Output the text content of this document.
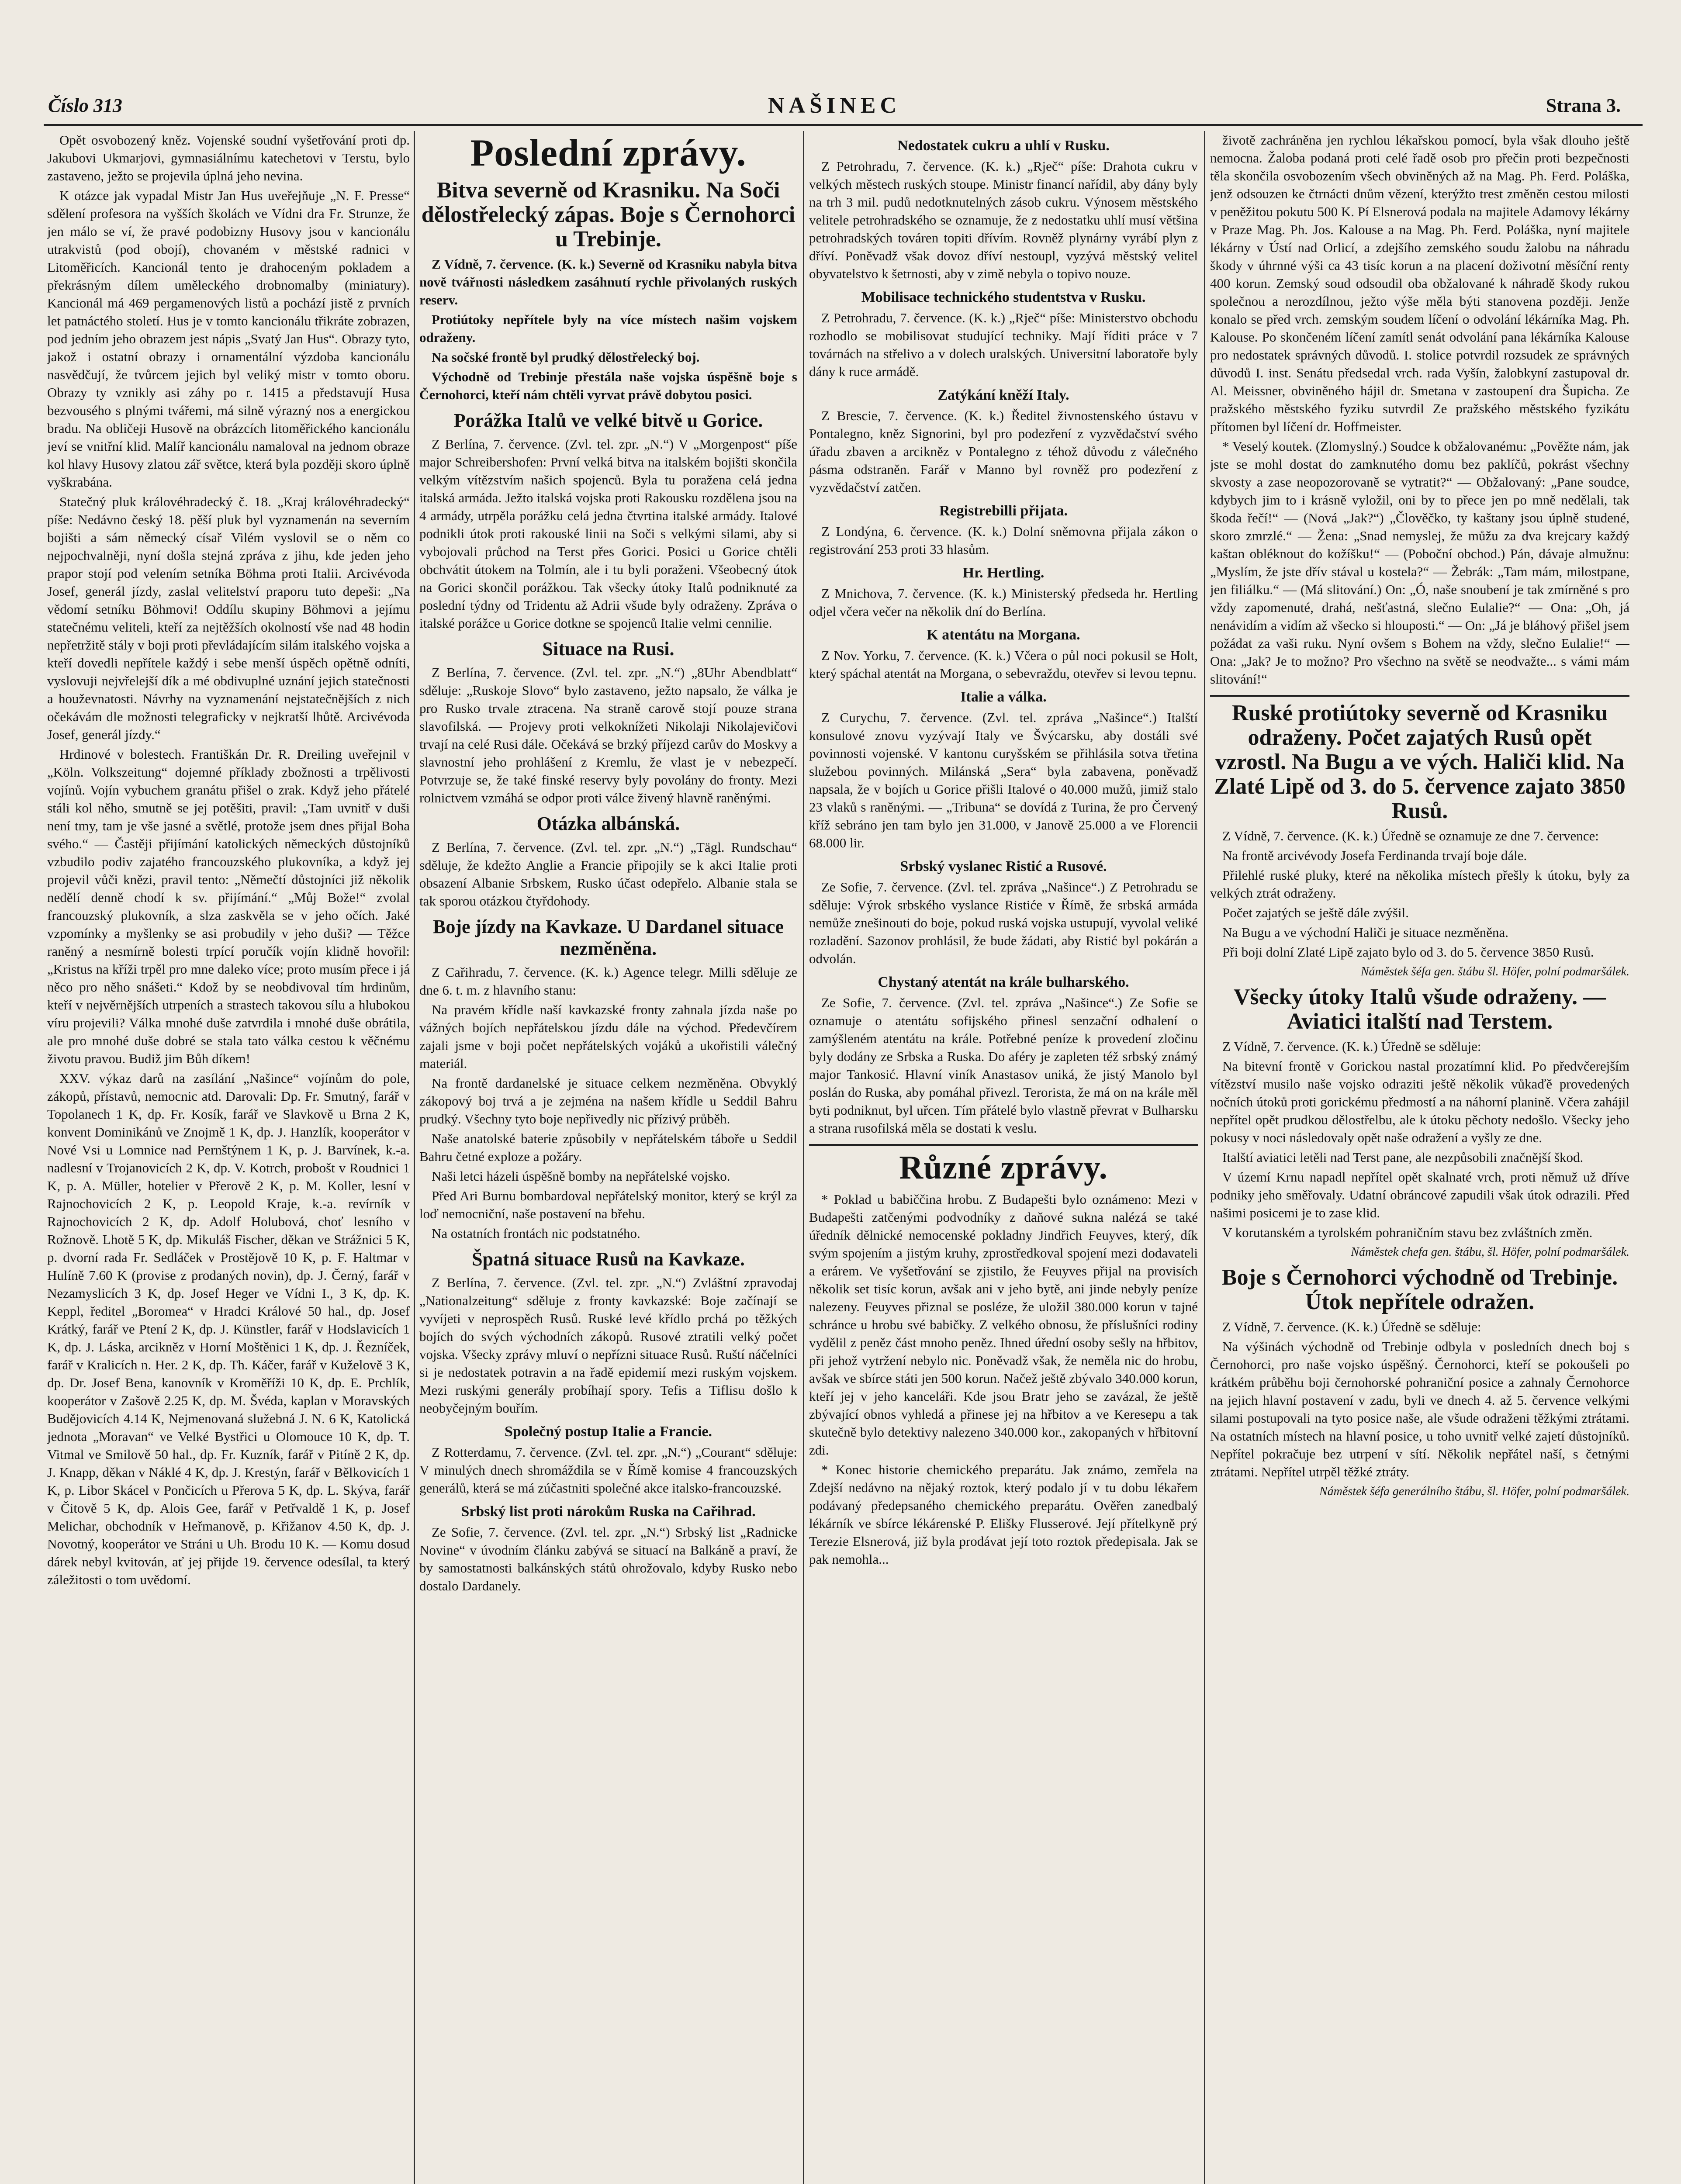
Číslo 313	NAŠINEC	Strana 3.

Opět osvobozený kněz. Vojenské soudní vyšetřování proti dp. Jakubovi Ukmarjovi, gymnasiálnímu katechetovi v Terstu, bylo zastaveno, ježto se projevila úplná jeho nevina.

K otázce jak vypadal Mistr Jan Hus uveřejňuje „N. F. Presse“ sdělení profesora na vyšších školách ve Vídni dra Fr. Strunze, že jen málo se ví, že pravé podobizny Husovy jsou v kancionálu utrakvistů (pod obojí), chovaném v městské radnici v Litoměřicích. Kancionál tento je drahoceným pokladem a překrásným dílem uměleckého drobnomalby (miniatury). Kancionál má 469 pergamenových listů a pochází jistě z prvních let patnáctého století. Hus je v tomto kancionálu třikráte zobrazen, pod jedním jeho obrazem jest nápis „Svatý Jan Hus“. Obrazy tyto, jakož i ostatní obrazy i ornamentální výzdoba kancionálu nasvědčují, že tvůrcem jejich byl veliký mistr v tomto oboru. Obrazy ty vznikly asi záhy po r. 1415 a představují Husa bezvousého s plnými tvářemi, má silně výrazný nos a energickou bradu. Na obličeji Husově na obrázcích litoměřického kancionálu jeví se vnitřní klid. Malíř kancionálu namaloval na jednom obraze kol hlavy Husovy zlatou zář světce, která byla později skoro úplně vyškrabána.

Statečný pluk královéhradecký č. 18. „Kraj královéhradecký“ píše: Nedávno český 18. pěší pluk byl vyznamenán na severním bojišti a sám německý císař Vilém vyslovil se o něm co nejpochvalněji, nyní došla stejná zpráva z jihu, kde jeden jeho prapor stojí pod velením setníka Böhma proti Italii. Arcivévoda Josef, generál jízdy, zaslal velitelství praporu tuto depeši: „Na vědomí setníku Böhmovi! Oddílu skupiny Böhmovi a jejímu statečnému veliteli, kteří za nejtěžších okolností vše nad 48 hodin nepřetržitě stály v boji proti převládajícím silám italského vojska a kteří dovedli nepřítele každý i sebe menší úspěch opětně odníti, vyslovuji nejvřelejší dík a mé obdivuplné uznání jejich statečnosti a houževnatosti. Návrhy na vyznamenání nejstatečnějších z nich očekávám dle možnosti telegraficky v nejkratší lhůtě. Arcivévoda Josef, generál jízdy.“

Hrdinové v bolestech. Františkán Dr. R. Dreiling uveřejnil v „Köln. Volkszeitung“ dojemné příklady zbožnosti a trpělivosti vojínů. Vojín vybuchem granátu přišel o zrak. Když jeho přátelé stáli kol něho, smutně se jej potěšiti, pravil: „Tam uvnitř v duši není tmy, tam je vše jasné a světlé, protože jsem dnes přijal Boha svého.“ — Častěji přijímání katolických německých důstojníků vzbudilo podiv zajatého francouzského plukovníka, a když jej projevil vůči knězi, pravil tento: „Němečtí důstojníci již několik nedělí denně chodí k sv. přijímání.“ „Můj Bože!“ zvolal francouzský plukovník, a slza zaskvěla se v jeho očích. Jaké vzpomínky a myšlenky se asi probudily v jeho duši? — Těžce raněný a nesmírně bolesti trpící poručík vojín klidně hovořil: „Kristus na kříži trpěl pro mne daleko více; proto musím přece i já něco pro něho snášeti.“ Kdož by se neobdivoval tím hrdinům, kteří v nejvěrnějších utrpeních a strastech takovou sílu a hlubokou víru projevili? Válka mnohé duše zatvrdila i mnohé duše obrátila, ale pro mnohé duše dobré se stala tato válka cestou k věčnému životu pravou. Budiž jim Bůh díkem!

XXV. výkaz darů na zasílání „Našince“ vojínům do pole, zákopů, přístavů, nemocnic atd. Darovali: Dp. Fr. Smutný, farář v Topolanech 1 K, dp. Fr. Kosík, farář ve Slavkově u Brna 2 K, konvent Dominikánů ve Znojmě 1 K, dp. J. Hanzlík, kooperátor v Nové Vsi u Lomnice nad Pernštýnem 1 K, p. J. Barvínek, k.-a. nadlesní v Trojanovicích 2 K, dp. V. Kotrch, probošt v Roudnici 1 K, p. A. Müller, hotelier v Přerově 2 K, p. M. Koller, lesní v Rajnochovicích 2 K, p. Leopold Kraje, k.-a. revírník v Rajnochovicích 2 K, dp. Adolf Holubová, choť lesního v Rožnově. Lhotě 5 K, dp. Mikuláš Fischer, děkan ve Strážnici 5 K, p. dvorní rada Fr. Sedláček v Prostějově 10 K, p. F. Haltmar v Hulíně 7.60 K (provise z prodaných novin), dp. J. Černý, farář v Nezamyslicích 3 K, dp. Josef Heger ve Vídni I., 3 K, dp. K. Keppl, ředitel „Boromea“ v Hradci Králové 50 hal., dp. Josef Krátký, farář ve Ptení 2 K, dp. J. Künstler, farář v Hodslavicích 1 K, dp. J. Láska, arcikněz v Horní Moštěnici 1 K, dp. J. Řezníček, farář v Kralicích n. Her. 2 K, dp. Th. Káčer, farář v Kuželově 3 K, dp. Dr. Josef Bena, kanovník v Kroměříži 10 K, dp. E. Prchlík, kooperátor v Zašově 2.25 K, dp. M. Švéda, kaplan v Moravských Budějovicích 4.14 K, Nejmenovaná služebná J. N. 6 K, Katolická jednota „Moravan“ ve Velké Bystřici u Olomouce 10 K, dp. T. Vitmal ve Smilově 50 hal., dp. Fr. Kuzník, farář v Pitíně 2 K, dp. J. Knapp, děkan v Náklé 4 K, dp. J. Krestýn, farář v Bělkovicích 1 K, p. Libor Skácel v Pončicích u Přerova 5 K, dp. L. Skýva, farář v Čitově 5 K, dp. Alois Gee, farář v Petřvaldě 1 K, p. Josef Melichar, obchodník v Heřmanově, p. Křižanov 4.50 K, dp. J. Novotný, kooperátor ve Stráni u Uh. Brodu 10 K. — Komu dosud dárek nebyl kvitován, ať jej přijde 19. července odesílal, ta který záležitosti o tom uvědomí.

Poslední zprávy.
Bitva severně od Krasniku. Na Soči dělostřelecký zápas. Boje s Černohorci u Trebinje.

Z Vídně, 7. července. (K. k.) Severně od Krasniku nabyla bitva nově tvářnosti následkem zasáhnutí rychle přivolaných ruských reserv.

Protiútoky nepřítele byly na více místech našim vojskem odraženy.

Na sočské frontě byl prudký dělostřelecký boj.

Východně od Trebinje přestála naše vojska úspěšně boje s Černohorci, kteří nám chtěli vyrvat právě dobytou posici.

Porážka Italů ve velké bitvě u Gorice.

Z Berlína, 7. července. (Zvl. tel. zpr. „N.“) V „Morgenpost“ píše major Schreibershofen: První velká bitva na italském bojišti skončila velkým vítězstvím našich spojenců. Byla tu poražena celá jedna italská armáda. Ježto italská vojska proti Rakousku rozdělena jsou na 4 armády, utrpěla porážku celá jedna čtvrtina italské armády. Italové podnikli útok proti rakouské linii na Soči s velkými silami, aby si vybojovali průchod na Terst přes Gorici. Posici u Gorice chtěli obchvátit útokem na Tolmín, ale i tu byli poraženi. Všeobecný útok na Gorici skončil porážkou. Tak všecky útoky Italů podniknuté za poslední týdny od Tridentu až Adrii všude byly odraženy. Zpráva o italské porážce u Gorice dotkne se spojenců Italie velmi cennilie.

Situace na Rusi.

Z Berlína, 7. července. (Zvl. tel. zpr. „N.“) „8Uhr Abendblatt“ sděluje: „Ruskoje Slovo“ bylo zastaveno, ježto napsalo, že válka je pro Rusko trvale ztracena. Na straně carově stojí pouze strana slavofilská. — Projevy proti velkoknížeti Nikolaji Nikolajevičovi trvají na celé Rusi dále. Očekává se brzký příjezd carův do Moskvy a slavnostní jeho prohlášení z Kremlu, že vlast je v nebezpečí. Potvrzuje se, že také finské reservy byly povolány do fronty. Mezi rolnictvem vzmáhá se odpor proti válce živený hlavně raněnými.

Otázka albánská.

Z Berlína, 7. července. (Zvl. tel. zpr. „N.“) „Tägl. Rundschau“ sděluje, že kdežto Anglie a Francie připojily se k akci Italie proti obsazení Albanie Srbskem, Rusko účast odepřelo. Albanie stala se tak sporou otázkou čtyřdohody.

Boje jízdy na Kavkaze. U Dardanel situace nezměněna.

Z Cařihradu, 7. července. (K. k.) Agence telegr. Milli sděluje ze dne 6. t. m. z hlavního stanu:

Na pravém křídle naší kavkazské fronty zahnala jízda naše po vážných bojích nepřátelskou jízdu dále na východ. Předevčírem zajali jsme v boji počet nepřátelských vojáků a ukořistili válečný materiál.

Na frontě dardanelské je situace celkem nezměněna. Obvyklý zákopový boj trvá a je zejména na našem křídle u Seddil Bahru prudký. Všechny tyto boje nepřivedly nic přízivý průběh.

Naše anatolské baterie způsobily v nepřátelském táboře u Seddil Bahru četné exploze a požáry.

Naši letci házeli úspěšně bomby na nepřátelské vojsko.

Před Ari Burnu bombardoval nepřátelský monitor, který se krýl za loď nemocniční, naše postavení na břehu.

Na ostatních frontách nic podstatného.

Špatná situace Rusů na Kavkaze.

Z Berlína, 7. července. (Zvl. tel. zpr. „N.“) Zvláštní zpravodaj „Nationalzeitung“ sděluje z fronty kavkazské: Boje začínají se vyvíjeti v neprospěch Rusů. Ruské levé křídlo prchá po těžkých bojích do svých východních zákopů. Rusové ztratili velký počet vojska. Všecky zprávy mluví o nepřízni situace Rusů. Ruští náčelníci si je nedostatek potravin a na řadě epidemií mezi ruským vojskem. Mezi ruskými generály probíhají spory. Tefis a Tiflisu došlo k neobyčejným bouřím.

Společný postup Italie a Francie.

Z Rotterdamu, 7. července. (Zvl. tel. zpr. „N.“) „Courant“ sděluje: V minulých dnech shromáždila se v Římě komise 4 francouzských generálů, která se má zúčastniti společné akce italsko-francouzské.

Srbský list proti nárokům Ruska na Cařihrad.

Ze Sofie, 7. července. (Zvl. tel. zpr. „N.“) Srbský list „Radnicke Novine“ v úvodním článku zabývá se situací na Balkáně a praví, že by samostatnosti balkánských států ohrožovalo, kdyby Rusko nebo dostalo Dardanely.

Nedostatek cukru a uhlí v Rusku.

Z Petrohradu, 7. července. (K. k.) „Rječ“ píše: Drahota cukru v velkých městech ruských stoupe. Ministr financí nařídil, aby dány byly na trh 3 mil. pudů nedotknutelných zásob cukru. Výnosem městského velitele petrohradského se oznamuje, že z nedostatku uhlí musí většina petrohradských továren topiti dřívím. Rovněž plynárny vyrábí plyn z dříví. Poněvadž však dovoz dříví nestoupl, vyzývá městský velitel obyvatelstvo k šetrnosti, aby v zimě nebyla o topivo nouze.

Mobilisace technického studentstva v Rusku.

Z Petrohradu, 7. července. (K. k.) „Rječ“ píše: Ministerstvo obchodu rozhodlo se mobilisovat studující techniky. Mají říditi práce v 7 továrnách na střelivo a v dolech uralských. Universitní laboratoře byly dány k ruce armádě.

Zatýkání kněží Italy.

Z Brescie, 7. července. (K. k.) Ředitel živnostenského ústavu v Pontalegno, kněz Signorini, byl pro podezření z vyzvědačství svého úřadu zbaven a arcikněz v Pontalegno z téhož důvodu z válečného pásma odstraněn. Farář v Manno byl rovněž pro podezření z vyzvědačství zatčen.

Registrebilli přijata.

Z Londýna, 6. července. (K. k.) Dolní sněmovna přijala zákon o registrování 253 proti 33 hlasům.

Hr. Hertling.

Z Mnichova, 7. července. (K. k.) Ministerský předseda hr. Hertling odjel včera večer na několik dní do Berlína.

K atentátu na Morgana.

Z Nov. Yorku, 7. července. (K. k.) Včera o půl noci pokusil se Holt, který spáchal atentát na Morgana, o sebevraždu, otevřev si levou tepnu.

Italie a válka.

Z Curychu, 7. července. (Zvl. tel. zpráva „Našince“.) Italští konsulové znovu vyzývají Italy ve Švýcarsku, aby dostáli své povinnosti vojenské. V kantonu curyšském se přihlásila sotva třetina služebou povinných. Milánská „Sera“ byla zabavena, poněvadž napsala, že v bojích u Gorice přišli Italové o 40.000 mužů, jimiž stalo 23 vlaků s raněnými. — „Tribuna“ se dovídá z Turina, že pro Červený kříž sebráno jen tam bylo jen 31.000, v Janově 25.000 a ve Florencii 68.000 lir.

Srbský vyslanec Ristić a Rusové.

Ze Sofie, 7. července. (Zvl. tel. zpráva „Našince“.) Z Petrohradu se sděluje: Výrok srbského vyslance Ristiće v Římě, že srbská armáda nemůže znešinouti do boje, pokud ruská vojska ustupují, vyvolal veliké rozladění. Sazonov prohlásil, že bude žádati, aby Ristić byl pokárán a odvolán.

Chystaný atentát na krále bulharského.

Ze Sofie, 7. července. (Zvl. tel. zpráva „Našince“.) Ze Sofie se oznamuje o atentátu sofijského přinesl senzační odhalení o zamýšleném atentátu na krále. Potřebné peníze k provedení zločinu byly dodány ze Srbska a Ruska. Do aféry je zapleten též srbský známý major Tankosić. Hlavní viník Anastasov uniká, že jistý Manolo byl poslán do Ruska, aby pomáhal přivezl. Terorista, že má on na krále měl byti podniknut, byl uřcen. Tím přátelé bylo vlastně převrat v Bulharsku a strana rusofilská měla se dostati k veslu.

Různé zprávy.

* Poklad u babiččina hrobu. Z Budapešti bylo oznámeno: Mezi v Budapešti zatčenými podvodníky z daňové sukna nalézá se také úředník dělnické nemocenské pokladny Jindřich Feuyves, který, dík svým spojením a jistým kruhy, zprostředkoval spojení mezi dodavateli a erárem. Ve vyšetřování se zjistilo, že Feuyves přijal na provisích několik set tisíc korun, avšak ani v jeho bytě, ani jinde nebyly peníze nalezeny. Feuyves přiznal se posléze, že uložil 380.000 korun v tajné schránce u hrobu své babičky. Z velkého obnosu, že příslušníci rodiny vydělil z peněz část mnoho peněz. Ihned úřední osoby sešly na hřbitov, při jehož vytržení nebylo nic. Poněvadž však, že neměla nic do hrobu, avšak ve sbírce státi jen 500 korun. Načež ještě zbývalo 340.000 korun, kteří jej v jeho kanceláři. Kde jsou Bratr jeho se zavázal, že ještě zbývající obnos vyhledá a přinese jej na hřbitov a ve Keresepu a tak skutečně bylo detektivy nalezeno 340.000 kor., zakopaných v hřbitovní zdi.

* Konec historie chemického preparátu. Jak známo, zemřela na Zdejší nedávno na nějaký roztok, který podalo jí v tu dobu lékařem podávaný předepsaného chemického preparátu. Ověřen zanedbalý lékárník ve sbírce lékárenské P. Elišky Flusserové. Její přítelkyně prý Terezie Elsnerová, již byla prodávat její toto roztok předepisala. Jak se pak nemohla...

životě zachráněna jen rychlou lékařskou pomocí, byla však dlouho ještě nemocna. Žaloba podaná proti celé řadě osob pro přečin proti bezpečnosti těla skončila osvobozením všech obviněných až na Mag. Ph. Ferd. Poláška, jenž odsouzen ke čtrnácti dnům vězení, kterýžto trest změněn cestou milosti v peněžitou pokutu 500 K. Pí Elsnerová podala na majitele Adamovy lékárny v Praze Mag. Ph. Jos. Kalouse a na Mag. Ph. Ferd. Poláška, nyní majitele lékárny v Ústí nad Orlicí, a zdejšího zemského soudu žalobu na náhradu škody v úhrnné výši ca 43 tisíc korun a na placení doživotní měsíční renty 400 korun. Zemský soud odsoudil oba obžalované k náhradě škody rukou společnou a nerozdílnou, ježto výše měla býti stanovena později. Jenže konalo se před vrch. zemským soudem líčení o odvolání lékárníka Mag. Ph. Kalouse. Po skončeném líčení zamítl senát odvolání pana lékárníka Kalouse pro nedostatek správných důvodů. I. stolice potvrdil rozsudek ze správných důvodů I. inst. Senátu předsedal vrch. rada Vyšín, žalobkyní zastupoval dr. Al. Meissner, obviněného hájil dr. Smetana v zastoupení dra Šupicha. Ze pražského městského fyziku sutvrdil Ze pražského městského fyzikátu přítomen byl líčení dr. Hoffmeister.

* Veselý koutek. (Zlomyslný.) Soudce k obžalovanému: „Pověžte nám, jak jste se mohl dostat do zamknutého domu bez paklíčů, pokrást všechny skvosty a zase neopozorovaně se vytratit?“ — Obžalovaný: „Pane soudce, kdybych jim to i krásně vyložil, oni by to přece jen po mně nedělali, tak škoda řečí!“ — (Nová „Jak?“) „Člověčko, ty kaštany jsou úplně studené, skoro zmrzlé.“ — Žena: „Snad nemyslej, že můžu za dva krejcary každý kaštan obléknout do kožíšku!“ — (Poboční obchod.) Pán, dávaje almužnu: „Myslím, že jste dřív stával u kostela?“ — Žebrák: „Tam mám, milostpane, jen filiálku.“ — (Má slitování.) On: „Ó, naše snoubení je tak zmírněné s pro vždy zapomenuté, drahá, nešťastná, slečno Eulalie?“ — Ona: „Oh, já nenávidím a vidím až všecko si hlouposti.“ — On: „Já je bláhový přišel jsem požádat za vaši ruku. Nyní ovšem s Bohem na vždy, slečno Eulalie!“ — Ona: „Jak? Je to možno? Pro všechno na světě se neodvažte... s vámi mám slitování!“

Ruské protiútoky severně od Krasniku odraženy. Počet zajatých Rusů opět vzrostl. Na Bugu a ve vých. Haliči klid. Na Zlaté Lipě od 3. do 5. července zajato 3850 Rusů.

Z Vídně, 7. července. (K. k.) Úředně se oznamuje ze dne 7. července:

Na frontě arcivévody Josefa Ferdinanda trvají boje dále.

Přilehlé ruské pluky, které na několika místech přešly k útoku, byly za velkých ztrát odraženy.

Počet zajatých se ještě dále zvýšil.

Na Bugu a ve východní Haliči je situace nezměněna.

Při boji dolní Zlaté Lipě zajato bylo od 3. do 5. července 3850 Rusů.

Náměstek šéfa gen. štábu šl. Höfer, polní podmaršálek.
Všecky útoky Italů všude odraženy. — Aviatici italští nad Terstem.

Z Vídně, 7. července. (K. k.) Úředně se sděluje:

Na bitevní frontě v Gorickou nastal prozatímní klid. Po předvčerejším vítězství musilo naše vojsko odraziti ještě několik vůkaďě provedených nočních útoků proti gorickému předmostí a na náhorní planině. Včera zahájil nepřítel opět prudkou dělostřelbu, ale k útoku pěchoty nedošlo. Všecky jeho pokusy v noci následovaly opět naše odražení a vyšly ze dne.

Italští aviatici letěli nad Terst pane, ale nezpůsobili značnější škod.

V území Krnu napadl nepřítel opět skalnaté vrch, proti němuž už dříve podniky jeho směřovaly. Udatní obráncové zapudili však útok odrazili. Před našimi posicemi je to zase klid.

V korutanském a tyrolském pohraničním stavu bez zvláštních změn.

Náměstek chefa gen. štábu, šl. Höfer, polní podmaršálek.
Boje s Černohorci východně od Trebinje. Útok nepřítele odražen.

Z Vídně, 7. července. (K. k.) Úředně se sděluje:

Na výšinách východně od Trebinje odbyla v posledních dnech boj s Černohorci, pro naše vojsko úspěšný. Černohorci, kteří se pokoušeli po krátkém průběhu boji černohorské pohraniční posice a zahnaly Černohorce na jejich hlavní postavení v zadu, byli ve dnech 4. až 5. července velkými silami postupovali na tyto posice naše, ale všude odraženi těžkými ztrátami. Na ostatních místech na hlavní posice, u toho uvnitř velké zajetí důstojníků. Nepřítel pokračuje bez utrpení v sítí. Několik nepřátel naší, s četnými ztrátami. Nepřítel utrpěl těžké ztráty.

Náměstek šéfa generálního štábu, šl. Höfer, polní podmaršálek.
